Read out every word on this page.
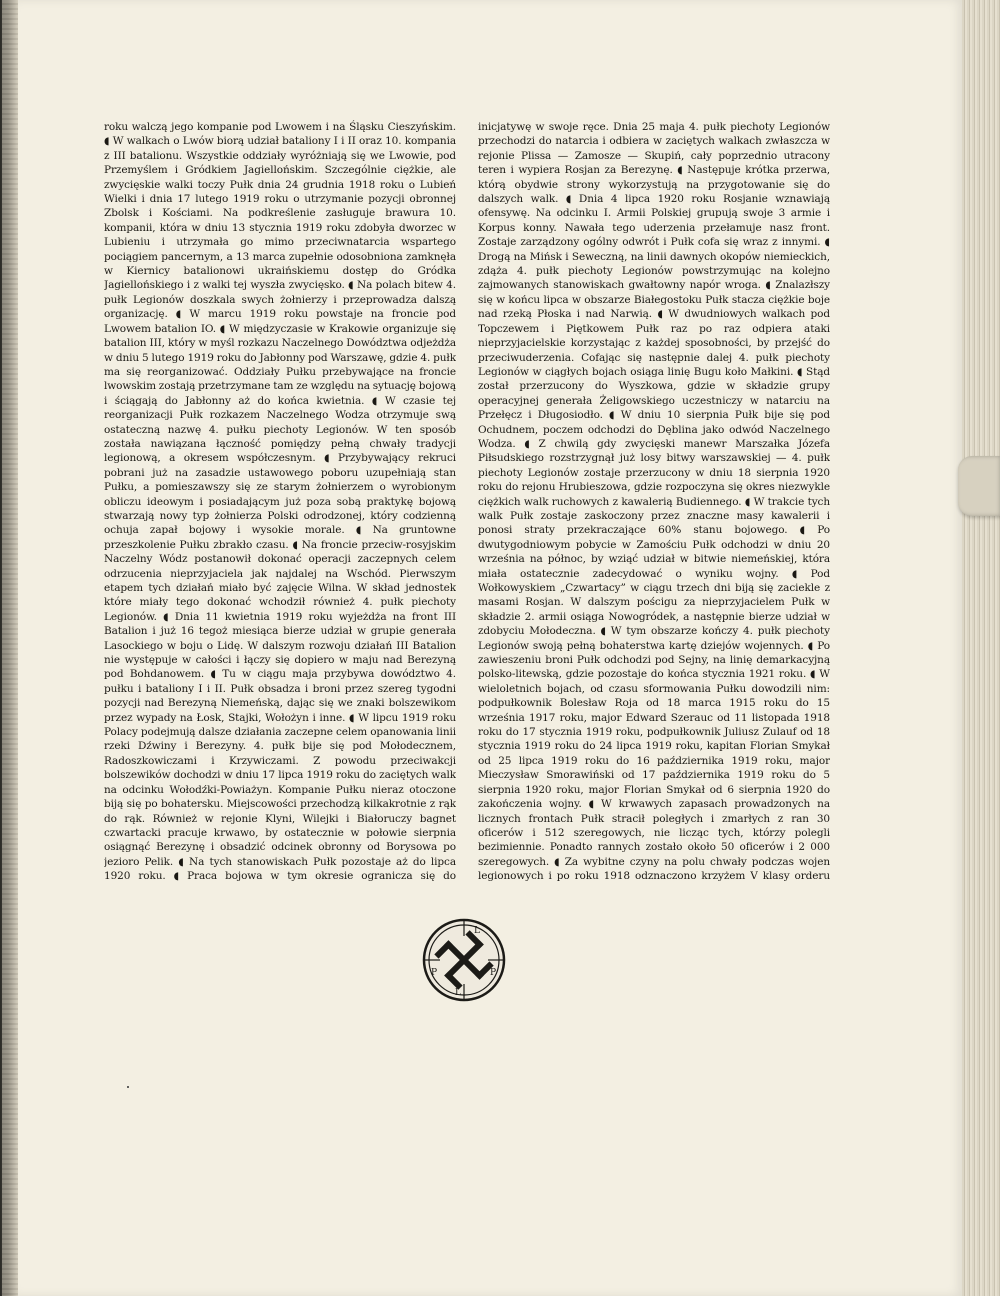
roku walczą jego kompanie pod Lwowem i na Śląsku Cieszyńskim. ◖ W walkach o Lwów biorą udział bataliony I i II oraz 10. kompania z III batalionu. Wszystkie oddziały wyróżniają się we Lwowie, pod Przemyślem i Gródkiem Jagiellońskim. Szczególnie ciężkie, ale zwycięskie walki toczy Pułk dnia 24 grudnia 1918 roku o Lubień Wielki i dnia 17 lutego 1919 roku o utrzymanie pozycji obronnej Zbolsk i Kościami. Na podkreślenie zasługuje brawura 10. kompanii, która w dniu 13 stycznia 1919 roku zdobyła dworzec w Lubieniu i utrzymała go mimo przeciwnatarcia wspartego pociągiem pancernym, a 13 marca zupełnie odosobniona zamknęła w Kiernicy batalionowi ukraińskiemu dostęp do Gródka Jagiellońskiego i z walki tej wyszła zwycięsko. ◖ Na polach bitew 4. pułk Legionów doszkala swych żołnierzy i przeprowadza dalszą organizację. ◖ W marcu 1919 roku powstaje na froncie pod Lwowem batalion IO. ◖ W międzyczasie w Krakowie organizuje się batalion III, który w myśl rozkazu Naczelnego Dowództwa odjeżdża w dniu 5 lutego 1919 roku do Jabłonny pod Warszawę, gdzie 4. pułk ma się reorganizować. Oddziały Pułku przebywające na froncie lwowskim zostają przetrzymane tam ze względu na sytuację bojową i ściągają do Jabłonny aż do końca kwietnia. ◖ W czasie tej reorganizacji Pułk rozkazem Naczelnego Wodza otrzymuje swą ostateczną nazwę 4. pułku piechoty Legionów. W ten sposób została nawiązana łączność pomiędzy pełną chwały tradycji legionową, a okresem współczesnym. ◖ Przybywający rekruci pobrani już na zasadzie ustawowego poboru uzupełniają stan Pułku, a pomieszawszy się ze starym żołnierzem o wyrobionym obliczu ideowym i posiadającym już poza sobą praktykę bojową stwarzają nowy typ żołnierza Polski odrodzonej, który codzienną ochuja zapał bojowy i wysokie morale. ◖ Na gruntowne przeszkolenie Pułku zbrakło czasu. ◖ Na froncie przeciw-rosyjskim Naczelny Wódz postanowił dokonać operacji zaczepnych celem odrzucenia nieprzyjaciela jak najdalej na Wschód. Pierwszym etapem tych działań miało być zajęcie Wilna. W skład jednostek które miały tego dokonać wchodził również 4. pułk piechoty Legionów. ◖ Dnia 11 kwietnia 1919 roku wyjeżdża na front III Batalion i już 16 tegoż miesiąca bierze udział w grupie generała Lasockiego w boju o Lidę. W dalszym rozwoju działań III Batalion nie występuje w całości i łączy się dopiero w maju nad Berezyną pod Bohdanowem. ◖ Tu w ciągu maja przybywa dowództwo 4. pułku i bataliony I i II. Pułk obsadza i broni przez szereg tygodni pozycji nad Berezyną Niemeńską, dając się we znaki bolszewikom przez wypady na Łosk, Stajki, Wołożyn i inne. ◖ W lipcu 1919 roku Polacy podejmują dalsze działania zaczepne celem opanowania linii rzeki Dźwiny i Berezyny. 4. pułk bije się pod Mołodecznem, Radoszkowiczami i Krzywiczami. Z powodu przeciwakcji bolszewików dochodzi w dniu 17 lipca 1919 roku do zaciętych walk na odcinku Wołodźki-Powiażyn. Kompanie Pułku nieraz otoczone biją się po bohatersku. Miejscowości przechodzą kilkakrotnie z rąk do rąk. Również w rejonie Klyni, Wilejki i Białoruczy bagnet czwartacki pracuje krwawo, by ostatecznie w połowie sierpnia osiągnąć Berezynę i obsadzić odcinek obronny od Borysowa po jezioro Pelik. ◖ Na tych stanowiskach Pułk pozostaje aż do lipca 1920 roku. ◖ Praca bojowa w tym okresie ogranicza się do
inicjatywę w swoje ręce. Dnia 25 maja 4. pułk piechoty Legionów przechodzi do natarcia i odbiera w zaciętych walkach zwłaszcza w rejonie Plissa — Zamosze — Skupiń, cały poprzednio utracony teren i wypiera Rosjan za Berezynę. ◖ Następuje krótka przerwa, którą obydwie strony wykorzystują na przygotowanie się do dalszych walk. ◖ Dnia 4 lipca 1920 roku Rosjanie wznawiają ofensywę. Na odcinku I. Armii Polskiej grupują swoje 3 armie i Korpus konny. Nawała tego uderzenia przełamuje nasz front. Zostaje zarządzony ogólny odwrót i Pułk cofa się wraz z innymi. ◖ Drogą na Mińsk i Seweczną, na linii dawnych okopów niemieckich, zdąża 4. pułk piechoty Legionów powstrzymując na kolejno zajmowanych stanowiskach gwałtowny napór wroga. ◖ Znalazłszy się w końcu lipca w obszarze Białegostoku Pułk stacza ciężkie boje nad rzeką Płoska i nad Narwią. ◖ W dwudniowych walkach pod Topczewem i Piętkowem Pułk raz po raz odpiera ataki nieprzyjacielskie korzystając z każdej sposobności, by przejść do przeciwuderzenia. Cofając się następnie dalej 4. pułk piechoty Legionów w ciągłych bojach osiąga linię Bugu koło Małkini. ◖ Stąd został przerzucony do Wyszkowa, gdzie w składzie grupy operacyjnej generała Żeligowskiego uczestniczy w natarciu na Przełęcz i Długosiodło. ◖ W dniu 10 sierpnia Pułk bije się pod Ochudnem, poczem odchodzi do Dęblina jako odwód Naczelnego Wodza. ◖ Z chwilą gdy zwycięski manewr Marszałka Józefa Piłsudskiego rozstrzygnął już losy bitwy warszawskiej — 4. pułk piechoty Legionów zostaje przerzucony w dniu 18 sierpnia 1920 roku do rejonu Hrubieszowa, gdzie rozpoczyna się okres niezwykle ciężkich walk ruchowych z kawalerią Budiennego. ◖ W trakcie tych walk Pułk zostaje zaskoczony przez znaczne masy kawalerii i ponosi straty przekraczające 60% stanu bojowego. ◖ Po dwutygodniowym pobycie w Zamościu Pułk odchodzi w dniu 20 września na północ, by wziąć udział w bitwie niemeńskiej, która miała ostatecznie zadecydować o wyniku wojny. ◖ Pod Wołkowyskiem „Czwartacy” w ciągu trzech dni biją się zaciekle z masami Rosjan. W dalszym pościgu za nieprzyjacielem Pułk w składzie 2. armii osiąga Nowogródek, a następnie bierze udział w zdobyciu Mołodeczna. ◖ W tym obszarze kończy 4. pułk piechoty Legionów swoją pełną bohaterstwa kartę dziejów wojennych. ◖ Po zawieszeniu broni Pułk odchodzi pod Sejny, na linię demarkacyjną polsko-litewską, gdzie pozostaje do końca stycznia 1921 roku. ◖ W wieloletnich bojach, od czasu sformowania Pułku dowodzili nim: podpułkownik Bolesław Roja od 18 marca 1915 roku do 15 września 1917 roku, major Edward Szerauc od 11 listopada 1918 roku do 17 stycznia 1919 roku, podpułkownik Juliusz Zulauf od 18 stycznia 1919 roku do 24 lipca 1919 roku, kapitan Florian Smykał od 25 lipca 1919 roku do 16 października 1919 roku, major Mieczysław Smorawiński od 17 października 1919 roku do 5 sierpnia 1920 roku, major Florian Smykał od 6 sierpnia 1920 do zakończenia wojny. ◖ W krwawych zapasach prowadzonych na licznych frontach Pułk stracił poległych i zmarłych z ran 30 oficerów i 512 szeregowych, nie licząc tych, którzy polegli bezimiennie. Ponadto rannych zostało około 50 oficerów i 2 000 szeregowych. ◖ Za wybitne czyny na polu chwały podczas wojen legionowych i po roku 1918 odznaczono krzyżem V klasy orderu
L
P	P
L
